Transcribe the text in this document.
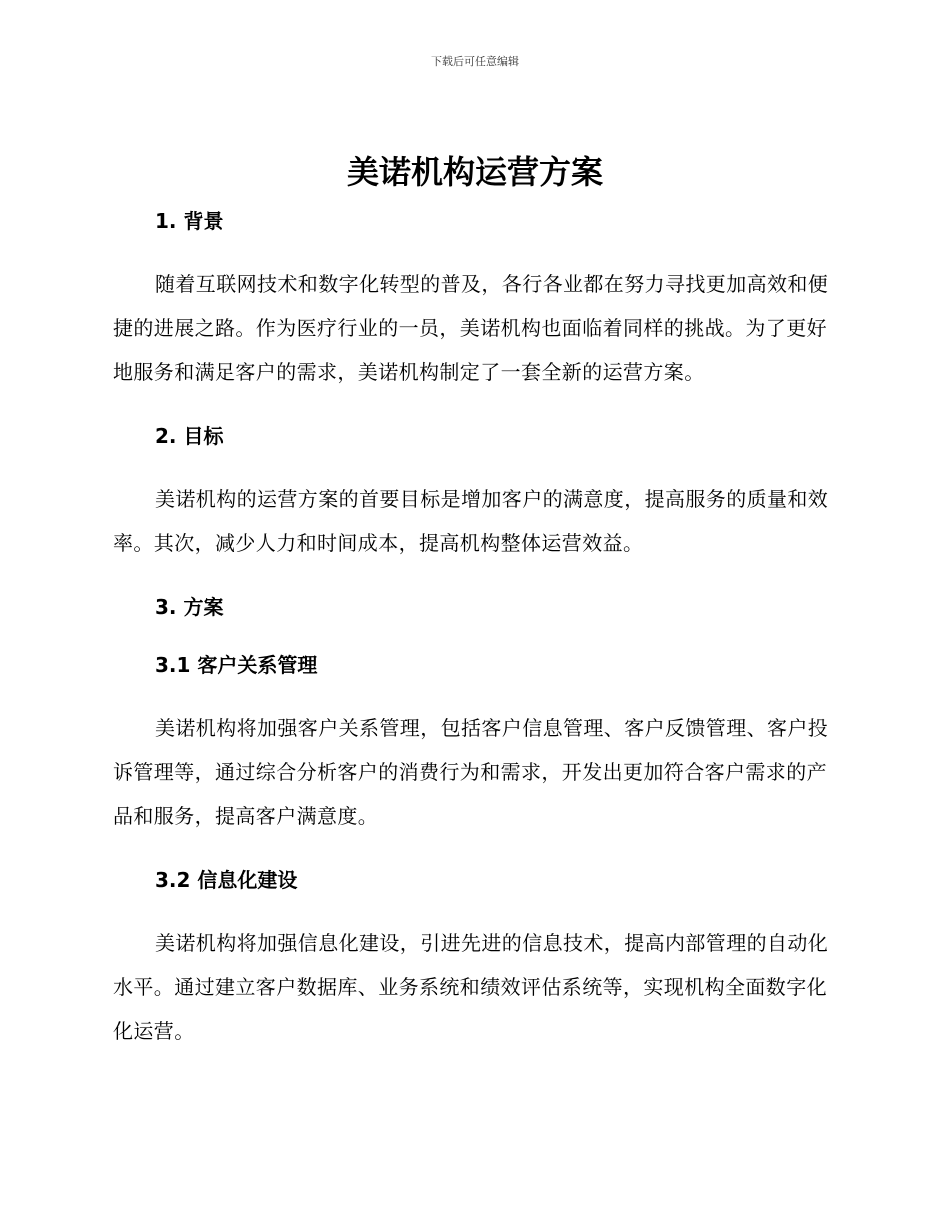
下载后可任意编辑
美诺机构运营方案
1. 背景

随着互联网技术和数字化转型的普及，各行各业都在努力寻找更加高效和便捷的进展之路。作为医疗行业的一员，美诺机构也面临着同样的挑战。为了更好地服务和满足客户的需求，美诺机构制定了一套全新的运营方案。

2. 目标

美诺机构的运营方案的首要目标是增加客户的满意度，提高服务的质量和效率。其次，减少人力和时间成本，提高机构整体运营效益。

3. 方案
3.1 客户关系管理

美诺机构将加强客户关系管理，包括客户信息管理、客户反馈管理、客户投诉管理等，通过综合分析客户的消费行为和需求，开发出更加符合客户需求的产品和服务，提高客户满意度。

3.2 信息化建设

美诺机构将加强信息化建设，引进先进的信息技术，提高内部管理的自动化水平。通过建立客户数据库、业务系统和绩效评估系统等，实现机构全面数字化化运营。
